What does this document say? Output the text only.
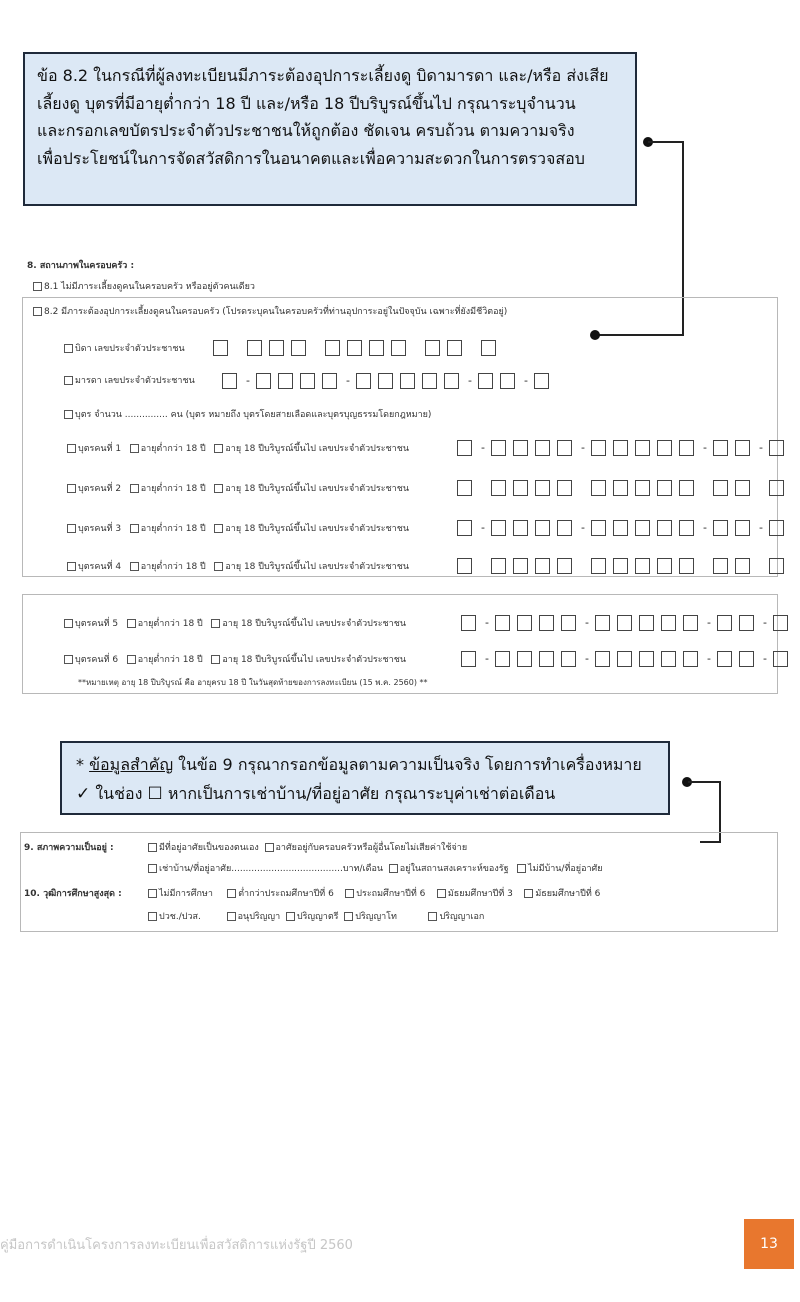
ข้อ 8.2 ในกรณีที่ผู้ลงทะเบียนมีภาระต้องอุปการะเลี้ยงดู บิดามารดา และ/หรือ ส่งเสีย
เลี้ยงดู บุตรที่มีอายุต่ำกว่า 18 ปี และ/หรือ 18 ปีบริบูรณ์ขึ้นไป กรุณาระบุจำนวน
และกรอกเลขบัตรประจำตัวประชาชนให้ถูกต้อง ชัดเจน ครบถ้วน ตามความจริง
เพื่อประโยชน์ในการจัดสวัสดิการในอนาคตและเพื่อความสะดวกในการตรวจสอบ
8. สถานภาพในครอบครัว :
8.1 ไม่มีภาระเลี้ยงดูคนในครอบครัว หรืออยู่ตัวคนเดียว
8.2 มีภาระต้องอุปการะเลี้ยงดูคนในครอบครัว (โปรดระบุคนในครอบครัวที่ท่านอุปการะอยู่ในปัจจุบัน เฉพาะที่ยังมีชีวิตอยู่)
บิดา เลขประจำตัวประชาชน
มารดา เลขประจำตัวประชาชน	-	-	-	-
บุตร จำนวน ............... คน (บุตร หมายถึง บุตรโดยสายเลือดและบุตรบุญธรรมโดยกฎหมาย)
บุตรคนที่ 1 อายุต่ำกว่า 18 ปี อายุ 18 ปีบริบูรณ์ขึ้นไป เลขประจำตัวประชาชน	-	-	-	-
บุตรคนที่ 2 อายุต่ำกว่า 18 ปี อายุ 18 ปีบริบูรณ์ขึ้นไป เลขประจำตัวประชาชน
บุตรคนที่ 3 อายุต่ำกว่า 18 ปี อายุ 18 ปีบริบูรณ์ขึ้นไป เลขประจำตัวประชาชน	-	-	-	-
บุตรคนที่ 4 อายุต่ำกว่า 18 ปี อายุ 18 ปีบริบูรณ์ขึ้นไป เลขประจำตัวประชาชน
บุตรคนที่ 5 อายุต่ำกว่า 18 ปี อายุ 18 ปีบริบูรณ์ขึ้นไป เลขประจำตัวประชาชน	-	-	-	-
บุตรคนที่ 6 อายุต่ำกว่า 18 ปี อายุ 18 ปีบริบูรณ์ขึ้นไป เลขประจำตัวประชาชน	-	-	-	-
**หมายเหตุ อายุ 18 ปีบริบูรณ์ คือ อายุครบ 18 ปี ในวันสุดท้ายของการลงทะเบียน (15 พ.ค. 2560) **
* ข้อมูลสำคัญ ในข้อ 9 กรุณากรอกข้อมูลตามความเป็นจริง โดยการทำเครื่องหมาย
✓ ในช่อง ☐ หากเป็นการเช่าบ้าน/ที่อยู่อาศัย กรุณาระบุค่าเช่าต่อเดือน
9. สภาพความเป็นอยู่ :	มีที่อยู่อาศัยเป็นของตนเอง อาศัยอยู่กับครอบครัวหรือผู้อื่นโดยไม่เสียค่าใช้จ่าย
เช่าบ้าน/ที่อยู่อาศัย.......................................บาท/เดือน อยู่ในสถานสงเคราะห์ของรัฐ ไม่มีบ้าน/ที่อยู่อาศัย
10. วุฒิการศึกษาสูงสุด :	ไม่มีการศึกษา	ต่ำกว่าประถมศึกษาปีที่ 6 ประถมศึกษาปีที่ 6 มัธยมศึกษาปีที่ 3 มัธยมศึกษาปีที่ 6
ปวช./ปวส.	อนุปริญญา ปริญญาตรี ปริญญาโท	ปริญญาเอก
คู่มือการดำเนินโครงการลงทะเบียนเพื่อสวัสดิการแห่งรัฐปี 2560	13
